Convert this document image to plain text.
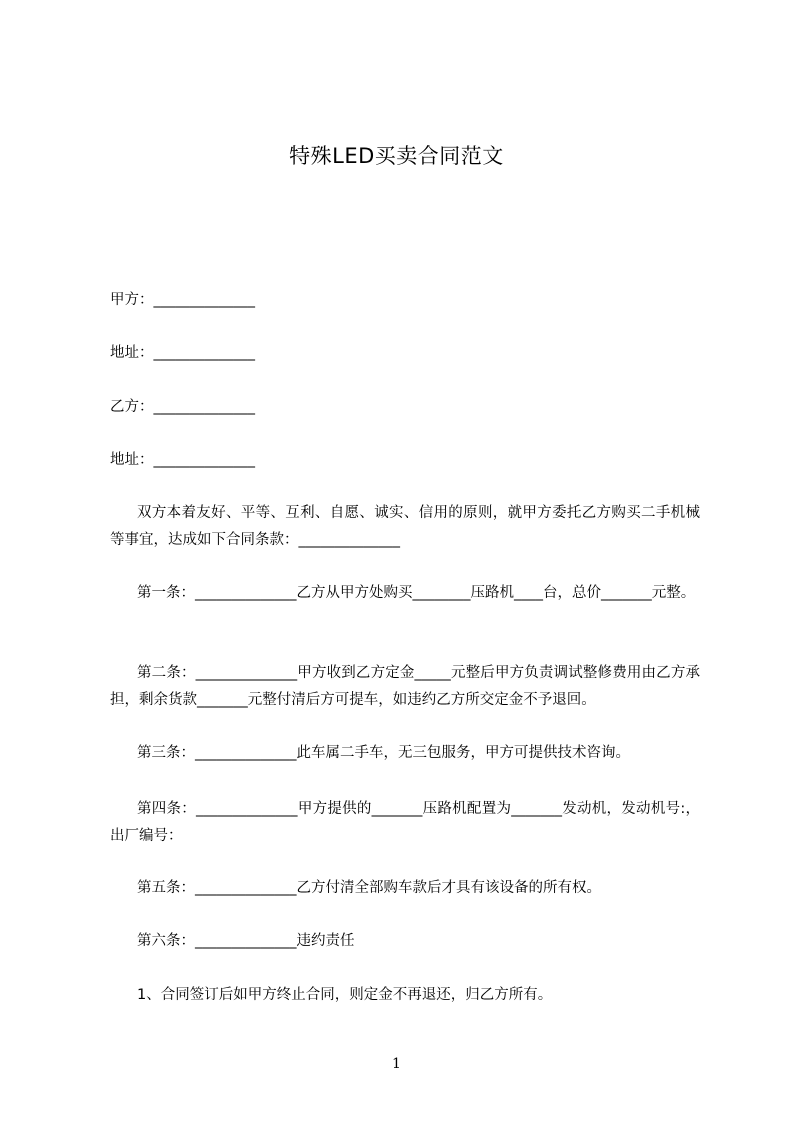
特殊LED买卖合同范文
甲方：______________
地址：______________
乙方：______________
地址：______________
双方本着友好、平等、互利、自愿、诚实、信用的原则，就甲方委托乙方购买二手机械等事宜，达成如下合同条款：______________
第一条：______________乙方从甲方处购买________压路机____台，总价_______元整。
第二条：______________甲方收到乙方定金_____元整后甲方负责调试整修费用由乙方承担，剩余货款_______元整付清后方可提车，如违约乙方所交定金不予退回。
第三条：______________此车属二手车，无三包服务，甲方可提供技术咨询。
第四条：______________甲方提供的_______压路机配置为_______发动机，发动机号:，出厂编号：
第五条：______________乙方付清全部购车款后才具有该设备的所有权。
第六条：______________违约责任
1、合同签订后如甲方终止合同，则定金不再退还，归乙方所有。
1
